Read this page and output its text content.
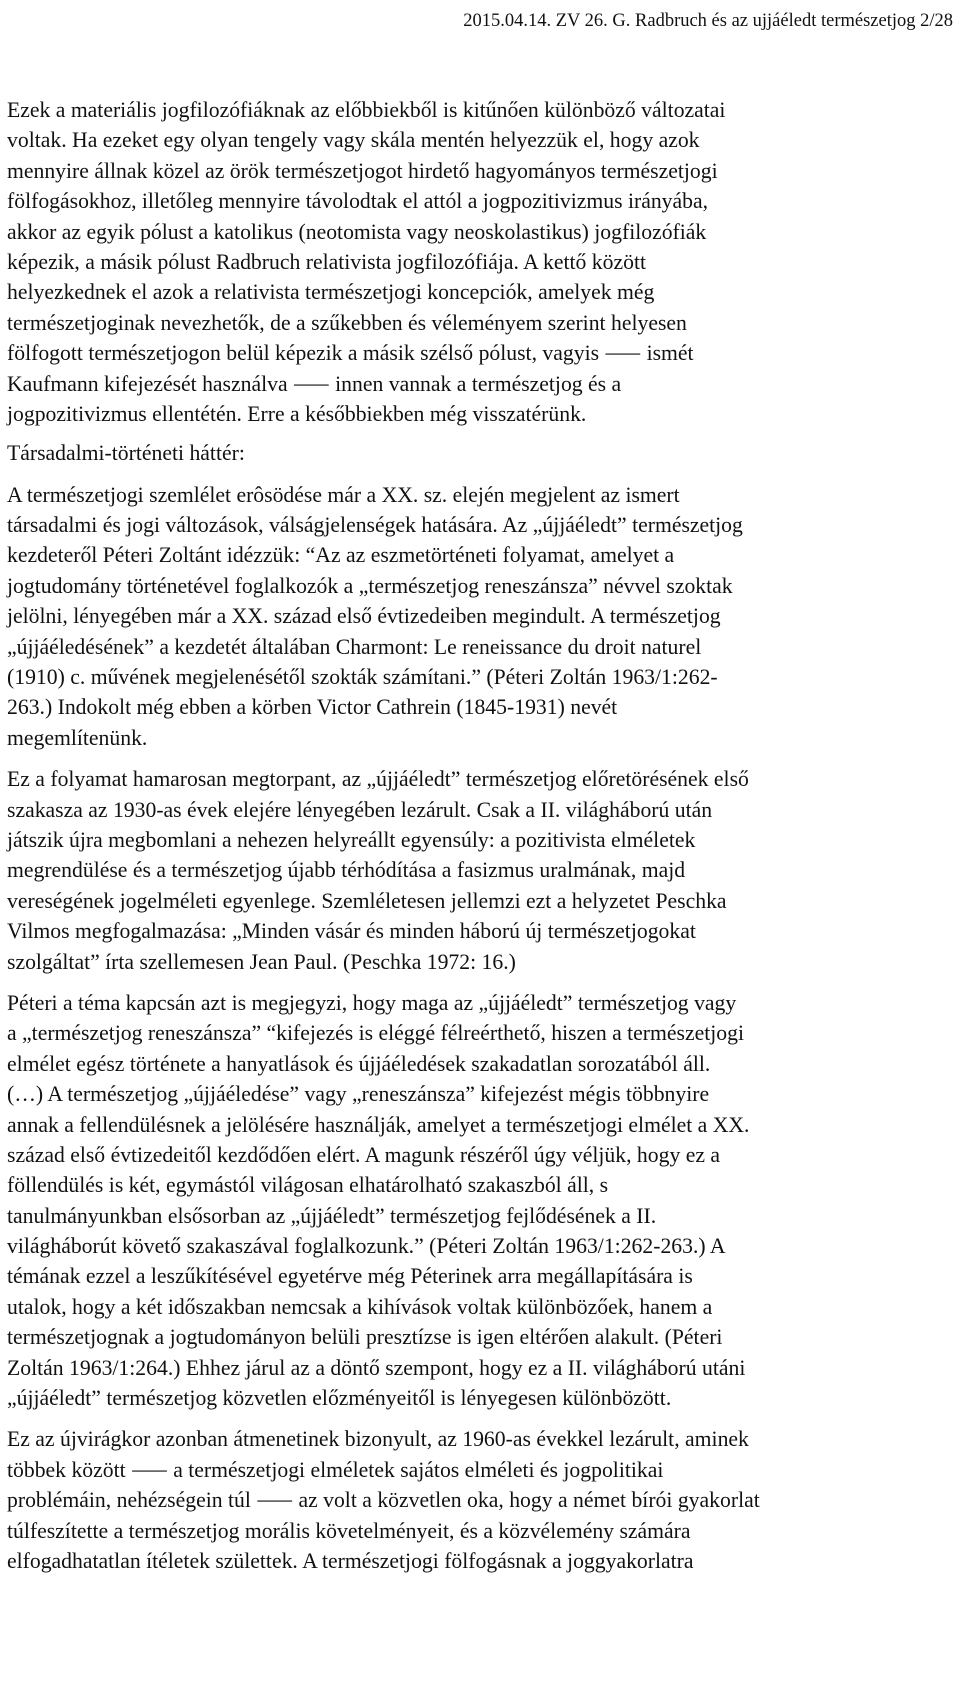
2015.04.14. ZV 26. G. Radbruch és az ujjáéledt természetjog 2/28

Ezek a materiális jogfilozófiáknak az előbbiekből is kitűnően különböző változatai
voltak. Ha ezeket egy olyan tengely vagy skála mentén helyezzük el, hogy azok
mennyire állnak közel az örök természetjogot hirdető hagyományos természetjogi
fölfogásokhoz, illetőleg mennyire távolodtak el attól a jogpozitivizmus irányába,
akkor az egyik pólust a katolikus (neotomista vagy neoskolastikus) jogfilozófiák
képezik, a másik pólust Radbruch relativista jogfilozófiája. A kettő között
helyezkednek el azok a relativista természetjogi koncepciók, amelyek még
természetjoginak nevezhetők, de a szűkebben és véleményem szerint helyesen
fölfogott természetjogon belül képezik a másik szélső pólust, vagyis ⸺ ismét
Kaufmann kifejezését használva ⸺ innen vannak a természetjog és a
jogpozitivizmus ellentétén. Erre a későbbiekben még visszatérünk.

Társadalmi-történeti háttér:

A természetjogi szemlélet erôsödése már a XX. sz. elején megjelent az ismert
társadalmi és jogi változások, válságjelenségek hatására. Az „újjáéledt” természetjog
kezdeteről Péteri Zoltánt idézzük: “Az az eszmetörténeti folyamat, amelyet a
jogtudomány történetével foglalkozók a „természetjog reneszánsza” névvel szoktak
jelölni, lényegében már a XX. század első évtizedeiben megindult. A természetjog
„újjáéledésének” a kezdetét általában Charmont: Le reneissance du droit naturel
(1910) c. művének megjelenésétől szokták számítani.” (Péteri Zoltán 1963/1:262-
263.) Indokolt még ebben a körben Victor Cathrein (1845-1931) nevét
megemlítenünk.

Ez a folyamat hamarosan megtorpant, az „újjáéledt” természetjog előretörésének első
szakasza az 1930-as évek elejére lényegében lezárult. Csak a II. világháború után
játszik újra megbomlani a nehezen helyreállt egyensúly: a pozitivista elméletek
megrendülése és a természetjog újabb térhódítása a fasizmus uralmának, majd
vereségének jogelméleti egyenlege. Szemléletesen jellemzi ezt a helyzetet Peschka
Vilmos megfogalmazása: „Minden vásár és minden háború új természetjogokat
szolgáltat” írta szellemesen Jean Paul. (Peschka 1972: 16.)

Péteri a téma kapcsán azt is megjegyzi, hogy maga az „újjáéledt” természetjog vagy
a „természetjog reneszánsza” “kifejezés is eléggé félreérthető, hiszen a természetjogi
elmélet egész története a hanyatlások és újjáéledések szakadatlan sorozatából áll.
(…) A természetjog „újjáéledése” vagy „reneszánsza” kifejezést mégis többnyire
annak a fellendülésnek a jelölésére használják, amelyet a természetjogi elmélet a XX.
század első évtizedeitől kezdődően elért. A magunk részéről úgy véljük, hogy ez a
föllendülés is két, egymástól világosan elhatárolható szakaszból áll, s
tanulmányunkban elsősorban az „újjáéledt” természetjog fejlődésének a II.
világháborút követő szakaszával foglalkozunk.” (Péteri Zoltán 1963/1:262-263.) A
témának ezzel a leszűkítésével egyetérve még Péterinek arra megállapítására is
utalok, hogy a két időszakban nemcsak a kihívások voltak különbözőek, hanem a
természetjognak a jogtudományon belüli presztízse is igen eltérően alakult. (Péteri
Zoltán 1963/1:264.) Ehhez járul az a döntő szempont, hogy ez a II. világháború utáni
„újjáéledt” természetjog közvetlen előzményeitől is lényegesen különbözött.

Ez az újvirágkor azonban átmenetinek bizonyult, az 1960-as évekkel lezárult, aminek
többek között ⸺ a természetjogi elméletek sajátos elméleti és jogpolitikai
problémáin, nehézségein túl ⸺ az volt a közvetlen oka, hogy a német bírói gyakorlat
túlfeszítette a természetjog morális követelményeit, és a közvélemény számára
elfogadhatatlan ítéletek születtek. A természetjogi fölfogásnak a joggyakorlatra
